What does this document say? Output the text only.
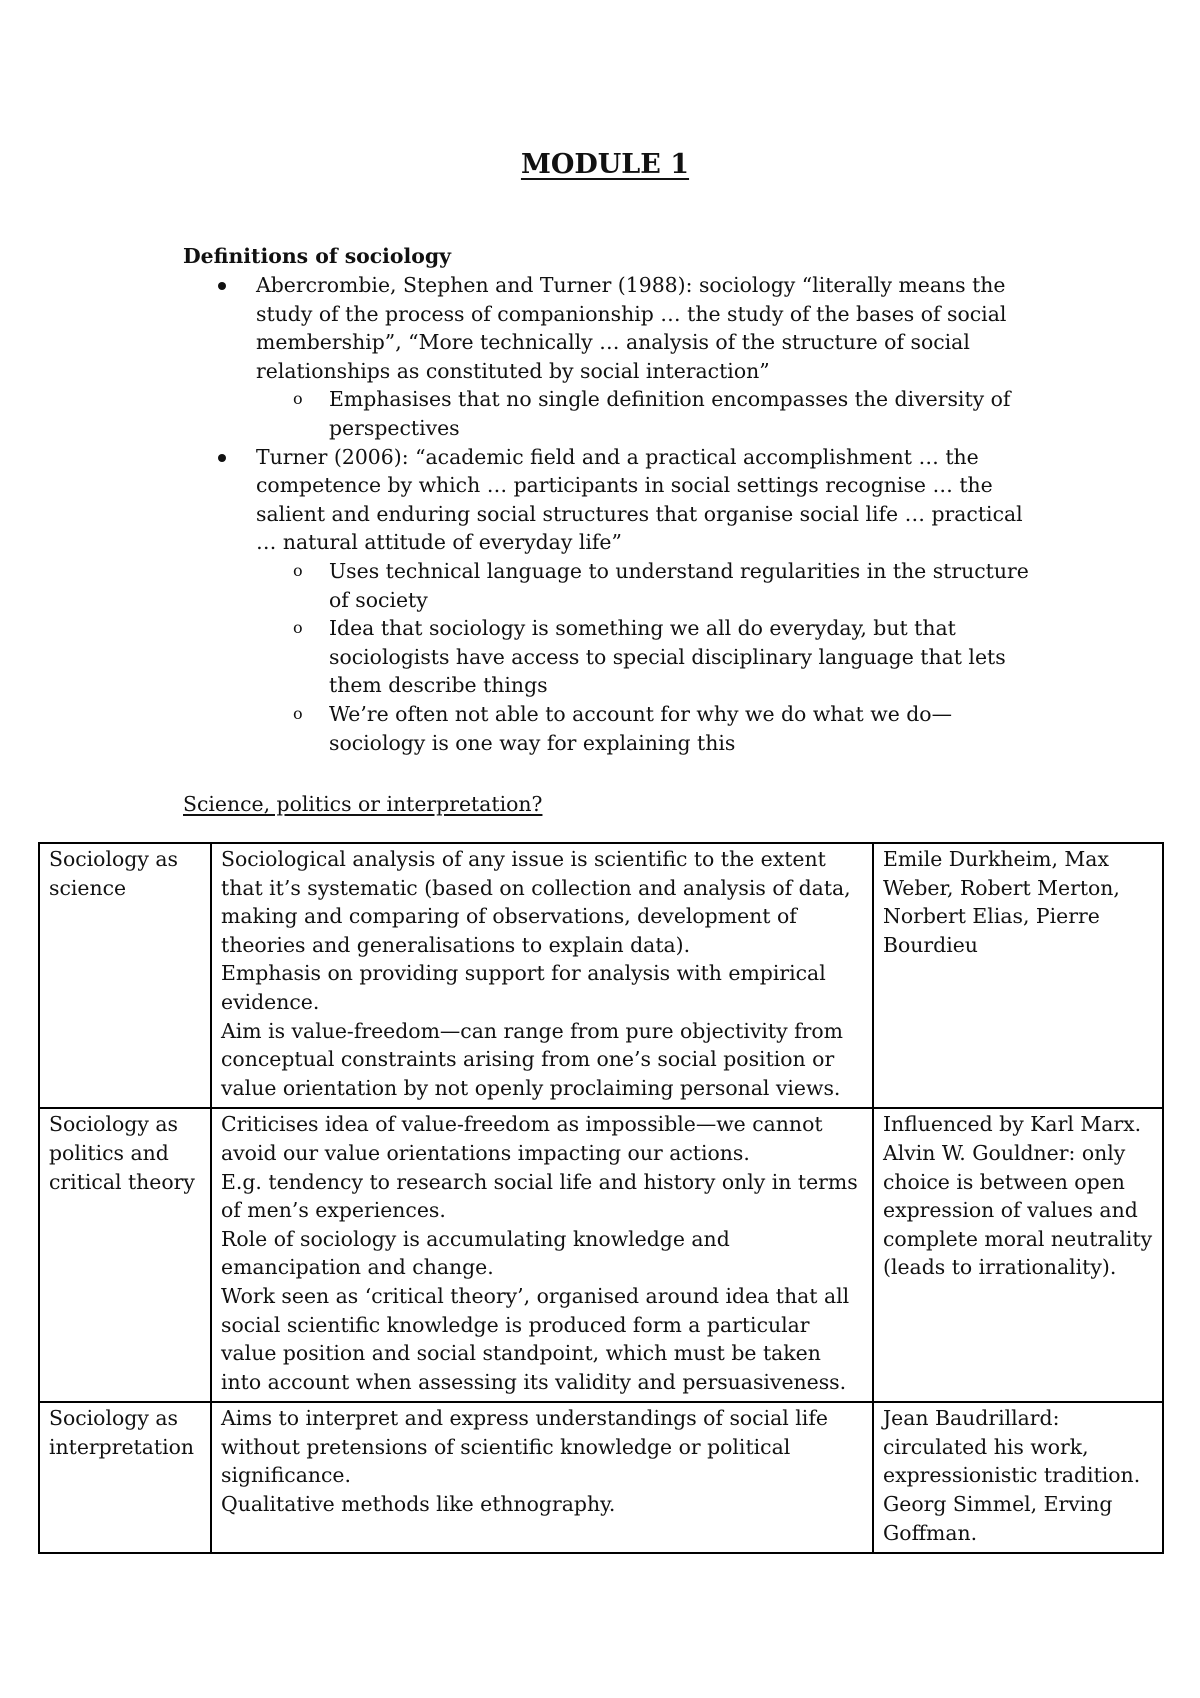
MODULE 1
Definitions of sociology
Abercrombie, Stephen and Turner (1988): sociology “literally means the study of the process of companionship … the study of the bases of social membership”, “More technically … analysis of the structure of social relationships as constituted by social interaction”
o Emphasises that no single definition encompasses the diversity of perspectives
Turner (2006): “academic field and a practical accomplishment … the competence by which … participants in social settings recognise … the salient and enduring social structures that organise social life … practical … natural attitude of everyday life”
o Uses technical language to understand regularities in the structure of society
o Idea that sociology is something we all do everyday, but that sociologists have access to special disciplinary language that lets them describe things
o We’re often not able to account for why we do what we do—sociology is one way for explaining this
Science, politics or interpretation?
Sociology as science	Sociological analysis of any issue is scientific to the extent that it’s systematic (based on collection and analysis of data, making and comparing of observations, development of theories and generalisations to explain data).
Emphasis on providing support for analysis with empirical evidence.
Aim is value-freedom—can range from pure objectivity from conceptual constraints arising from one’s social position or value orientation by not openly proclaiming personal views.	Emile Durkheim, Max Weber, Robert Merton, Norbert Elias, Pierre Bourdieu
Sociology as politics and critical theory	Criticises idea of value-freedom as impossible—we cannot avoid our value orientations impacting our actions.
E.g. tendency to research social life and history only in terms of men’s experiences.
Role of sociology is accumulating knowledge and emancipation and change.
Work seen as ‘critical theory’, organised around idea that all social scientific knowledge is produced form a particular value position and social standpoint, which must be taken into account when assessing its validity and persuasiveness.	Influenced by Karl Marx. Alvin W. Gouldner: only choice is between open expression of values and complete moral neutrality (leads to irrationality).
Sociology as interpretation	Aims to interpret and express understandings of social life without pretensions of scientific knowledge or political significance.
Qualitative methods like ethnography.	Jean Baudrillard: circulated his work, expressionistic tradition. Georg Simmel, Erving Goffman.
